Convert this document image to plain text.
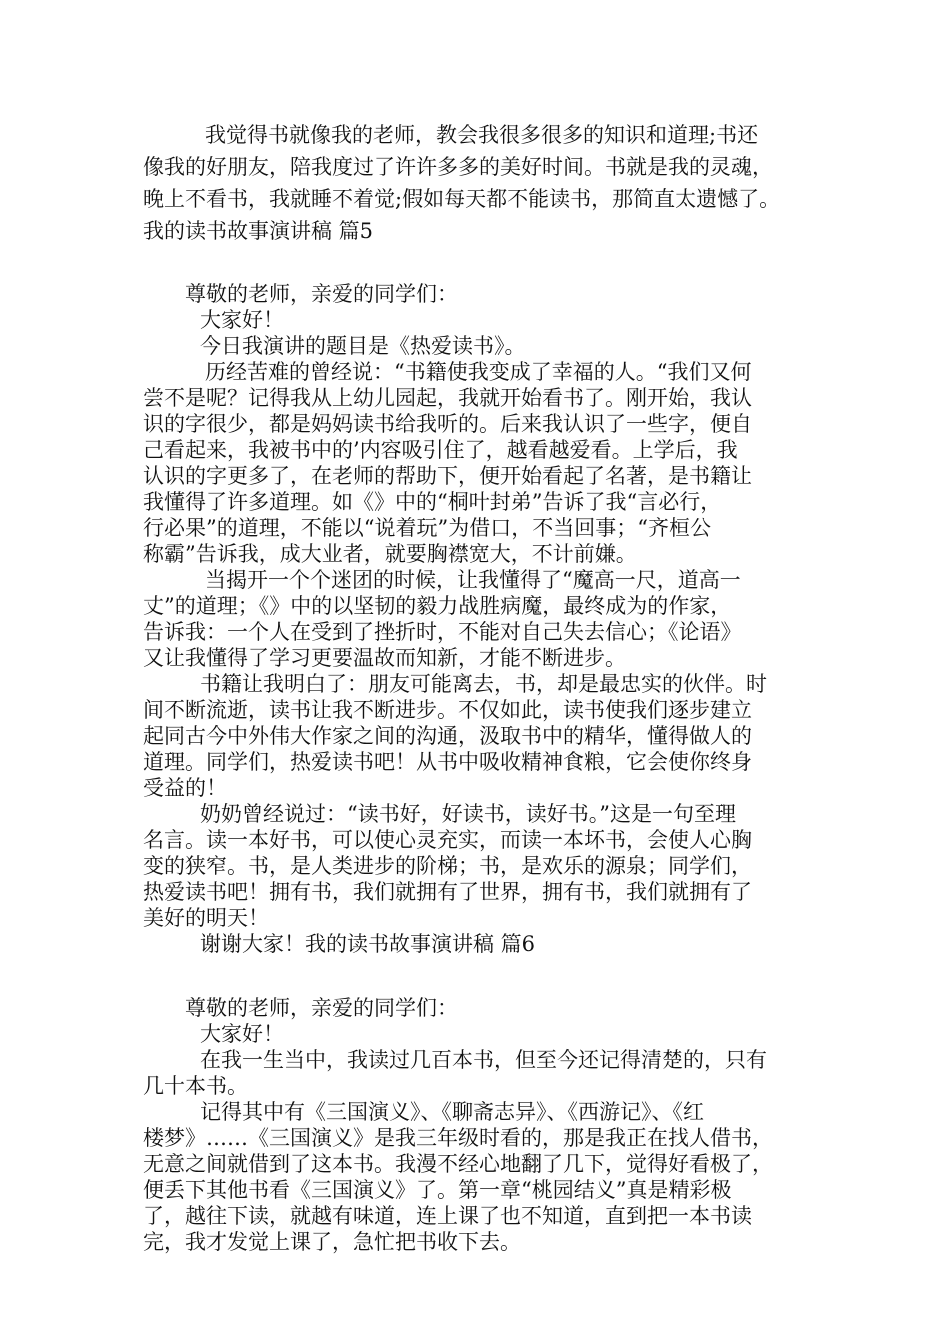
我觉得书就像我的老师，教会我很多很多的知识和道理;书还

像我的好朋友，陪我度过了许许多多的美好时间。书就是我的灵魂，

晚上不看书，我就睡不着觉;假如每天都不能读书，那简直太遗憾了。

我的读书故事演讲稿 篇5

尊敬的老师，亲爱的同学们：

大家好！

今日我演讲的题目是《热爱读书》。

历经苦难的曾经说：“书籍使我变成了幸福的人。“我们又何

尝不是呢？记得我从上幼儿园起，我就开始看书了。刚开始，我认

识的字很少，都是妈妈读书给我听的。后来我认识了一些字，便自

己看起来，我被书中的’内容吸引住了，越看越爱看。上学后，我

认识的字更多了，在老师的帮助下，便开始看起了名著，是书籍让

我懂得了许多道理。如《》中的“桐叶封弟”告诉了我“言必行，

行必果”的道理，不能以“说着玩”为借口，不当回事；“齐桓公

称霸”告诉我，成大业者，就要胸襟宽大，不计前嫌。

当揭开一个个迷团的时候，让我懂得了“魔高一尺，道高一

丈”的道理；《》中的以坚韧的毅力战胜病魔，最终成为的作家，

告诉我：一个人在受到了挫折时，不能对自己失去信心；《论语》

又让我懂得了学习更要温故而知新，才能不断进步。

书籍让我明白了：朋友可能离去，书，却是最忠实的伙伴。时

间不断流逝，读书让我不断进步。不仅如此，读书使我们逐步建立

起同古今中外伟大作家之间的沟通，汲取书中的精华，懂得做人的

道理。同学们，热爱读书吧！从书中吸收精神食粮，它会使你终身

受益的！

奶奶曾经说过：“读书好，好读书，读好书。”这是一句至理

名言。读一本好书，可以使心灵充实，而读一本坏书，会使人心胸

变的狭窄。书，是人类进步的阶梯；书，是欢乐的源泉；同学们，

热爱读书吧！拥有书，我们就拥有了世界，拥有书，我们就拥有了

美好的明天！

谢谢大家！我的读书故事演讲稿 篇6

尊敬的老师，亲爱的同学们：

大家好！

在我一生当中，我读过几百本书，但至今还记得清楚的，只有

几十本书。

记得其中有《三国演义》、《聊斋志异》、《西游记》、《红

楼梦》……《三国演义》是我三年级时看的，那是我正在找人借书，

无意之间就借到了这本书。我漫不经心地翻了几下，觉得好看极了，

便丢下其他书看《三国演义》了。第一章“桃园结义”真是精彩极

了，越往下读，就越有味道，连上课了也不知道，直到把一本书读

完，我才发觉上课了，急忙把书收下去。
